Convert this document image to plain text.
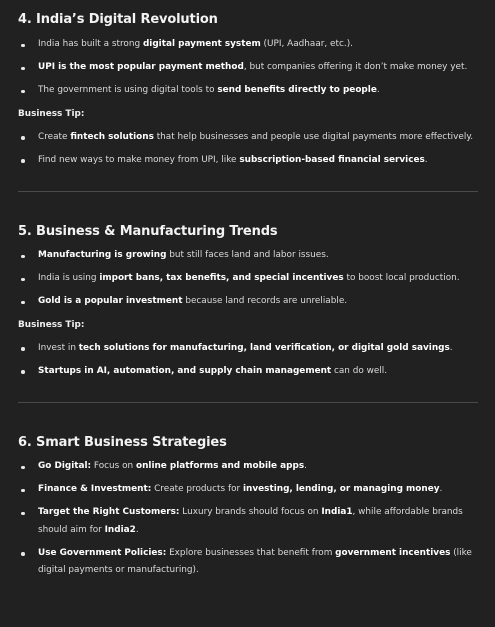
4. India’s Digital Revolution
India has built a strong digital payment system (UPI, Aadhaar, etc.).
UPI is the most popular payment method, but companies offering it don’t make money yet.
The government is using digital tools to send benefits directly to people.
Business Tip:
Create fintech solutions that help businesses and people use digital payments more effectively.
Find new ways to make money from UPI, like subscription-based financial services.
5. Business & Manufacturing Trends
Manufacturing is growing but still faces land and labor issues.
India is using import bans, tax benefits, and special incentives to boost local production.
Gold is a popular investment because land records are unreliable.
Business Tip:
Invest in tech solutions for manufacturing, land verification, or digital gold savings.
Startups in AI, automation, and supply chain management can do well.
6. Smart Business Strategies
Go Digital: Focus on online platforms and mobile apps.
Finance & Investment: Create products for investing, lending, or managing money.
Target the Right Customers: Luxury brands should focus on India1, while affordable brands should aim for India2.
Use Government Policies: Explore businesses that benefit from government incentives (like digital payments or manufacturing).
